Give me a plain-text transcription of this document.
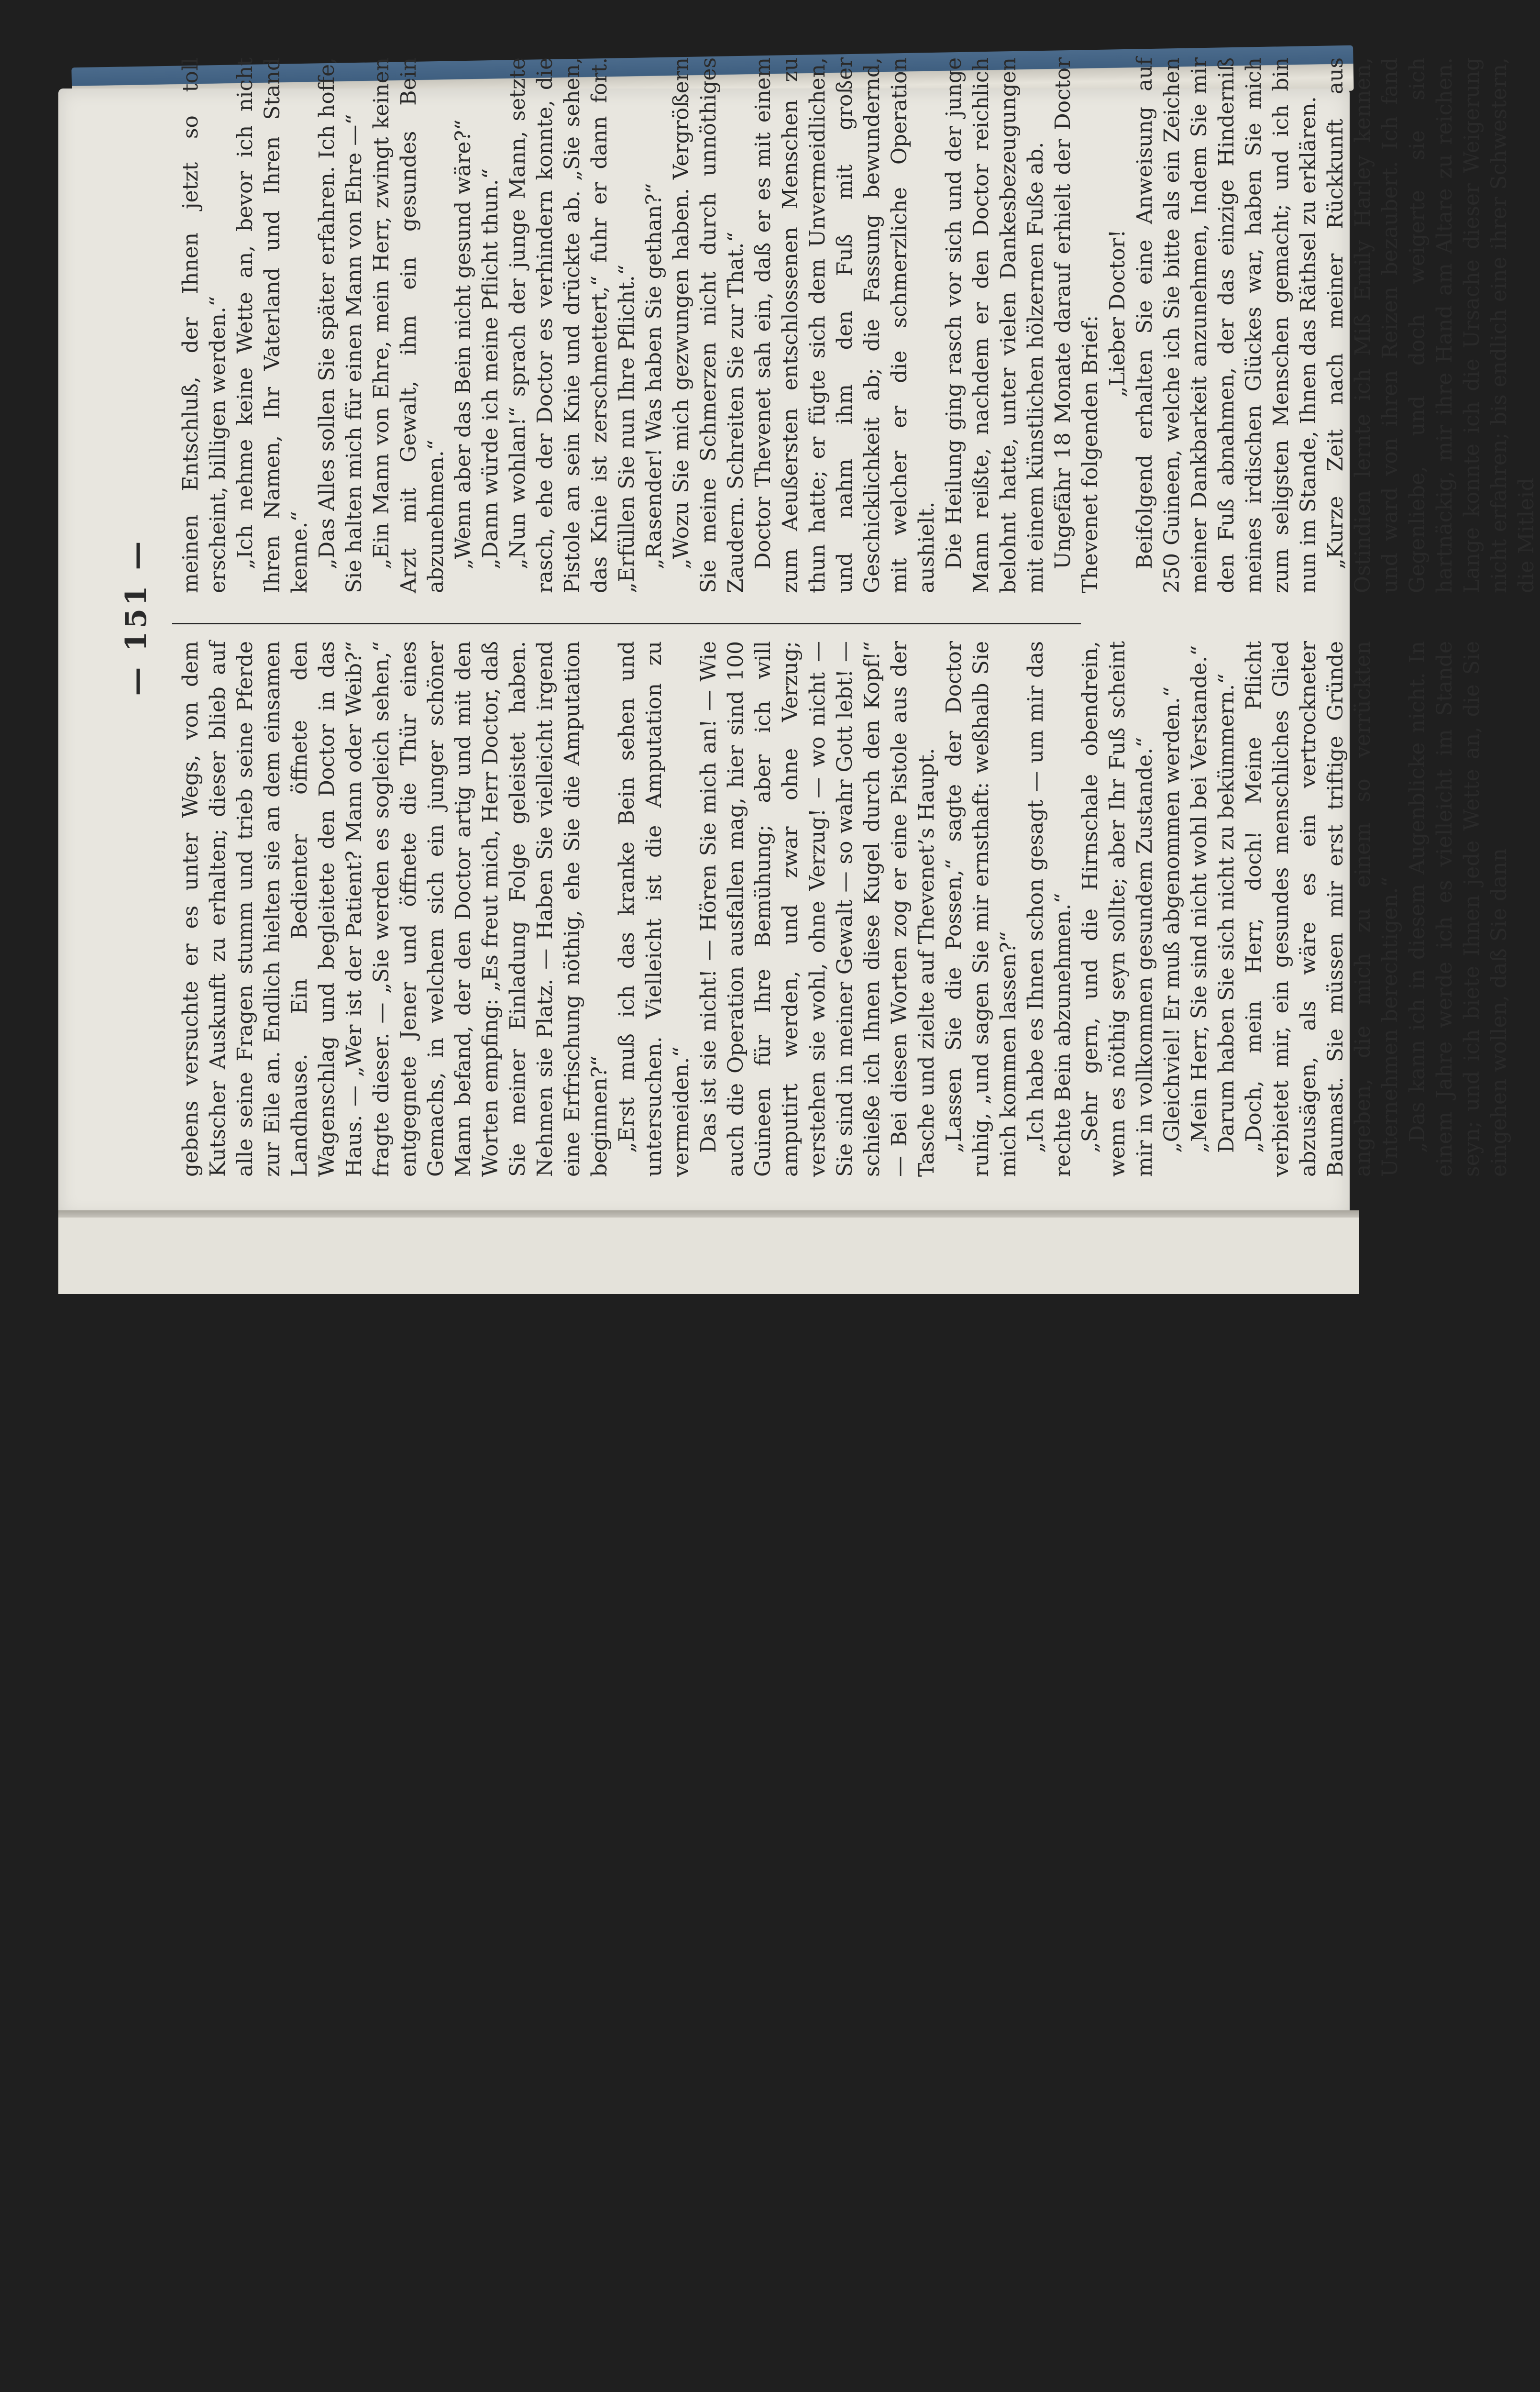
— 151 —

gebens versuchte er es unter Wegs, von dem Kutscher Auskunft zu erhalten; dieser blieb auf alle seine Fragen stumm und trieb seine Pferde zur Eile an. Endlich hielten sie an dem einsamen Landhause. Ein Bedienter öffnete den Wagenschlag und begleitete den Doctor in das Haus. — „Wer ist der Patient? Mann oder Weib?“ fragte dieser. — „Sie werden es sogleich sehen,“ entgegnete Jener und öffnete die Thür eines Gemachs, in welchem sich ein junger schöner Mann befand, der den Doctor artig und mit den Worten empfing: „Es freut mich, Herr Doctor, daß Sie meiner Einladung Folge geleistet haben. Nehmen sie Platz. — Haben Sie vielleicht irgend eine Erfrischung nöthig, ehe Sie die Amputation beginnen?“ „Erst muß ich das kranke Bein sehen und untersuchen. Vielleicht ist die Amputation zu vermeiden.“ Das ist sie nicht! — Hören Sie mich an! — Wie auch die Operation ausfallen mag, hier sind 100 Guineen für Ihre Bemühung; aber ich will amputirt werden, und zwar ohne Verzug; verstehen sie wohl, ohne Verzug! — wo nicht — Sie sind in meiner Gewalt — so wahr Gott lebt! — schieße ich Ihnen diese Kugel durch den Kopf!“ — Bei diesen Worten zog er eine Pistole aus der Tasche und zielte auf Thevenet’s Haupt. „Lassen Sie die Possen,“ sagte der Doctor ruhig, „und sagen Sie mir ernsthaft: weßhalb Sie mich kommen lassen?“ „Ich habe es Ihnen schon gesagt — um mir das rechte Bein abzunehmen.“ „Sehr gern, und die Hirnschale obendrein, wenn es nöthig seyn sollte; aber Ihr Fuß scheint mir in vollkommen gesundem Zustande.“ „Gleichviel! Er muß abgenommen werden.“ „Mein Herr, Sie sind nicht wohl bei Verstande.“ Darum haben Sie sich nicht zu bekümmern.“ „Doch, mein Herr, doch! Meine Pflicht verbietet mir, ein gesundes menschliches Glied abzusägen, als wäre es ein vertrockneter Baumast. Sie müssen mir erst triftige Gründe angeben, die mich zu einem so verrückten Unternehmen berechtigen.“ „Das kann ich in diesem Augenblicke nicht. In einem Jahre werde ich es vielleicht im Stande seyn; und ich biete Ihnen jede Wette an, die Sie eingehen wollen, daß Sie dann

meinen Entschluß, der Ihnen jetzt so toll erscheint, billigen werden.“ „Ich nehme keine Wette an, bevor ich nicht Ihren Namen, Ihr Vaterland und Ihren Stand kenne.“ „Das Alles sollen Sie später erfahren. Ich hoffe, Sie halten mich für einen Mann von Ehre —“ „Ein Mann von Ehre, mein Herr, zwingt keinen Arzt mit Gewalt, ihm ein gesundes Bein abzunehmen.“ „Wenn aber das Bein nicht gesund wäre?“ „Dann würde ich meine Pflicht thun.“ „Nun wohlan!“ sprach der junge Mann, setzte rasch, ehe der Doctor es verhindern konnte, die Pistole an sein Knie und drückte ab. „Sie sehen, das Knie ist zerschmettert,“ fuhr er dann fort. „Erfüllen Sie nun Ihre Pflicht.“ „Rasender! Was haben Sie gethan?“ „Wozu Sie mich gezwungen haben. Vergrößern Sie meine Schmerzen nicht durch unnöthiges Zaudern. Schreiten Sie zur That.“ Doctor Thevenet sah ein, daß er es mit einem zum Aeußersten entschlossenen Menschen zu thun hatte; er fügte sich dem Unvermeidlichen, und nahm ihm den Fuß mit großer Geschicklichkeit ab; die Fassung bewundernd, mit welcher er die schmerzliche Operation aushielt. Die Heilung ging rasch vor sich und der junge Mann reißte, nachdem er den Doctor reichlich belohnt hatte, unter vielen Dankesbezeugungen mit einem künstlichen hölzernen Fuße ab. Ungefähr 18 Monate darauf erhielt der Doctor Thevenet folgenden Brief:

„Lieber Doctor! Beifolgend erhalten Sie eine Anweisung auf 250 Guineen, welche ich Sie bitte als ein Zeichen meiner Dankbarkeit anzunehmen, Indem Sie mir den Fuß abnahmen, der das einzige Hinderniß meines irdischen Glückes war, haben Sie mich zum seligsten Menschen gemacht; und ich bin nun im Stande, Ihnen das Räthsel zu erklären. „Kurze Zeit nach meiner Rückkunft aus Ostindien lernte ich Miß Emily Harley kennen, und ward von ihren Reizen bezaubert. Ich fand Gegenliebe, und doch weigerte sie sich hartnäckig, mir ihre Hand am Altare zu reichen. Lange konnte ich die Ursache dieser Weigerung nicht erfahren; bis endlich eine ihrer Schwestern, die Mitleid
